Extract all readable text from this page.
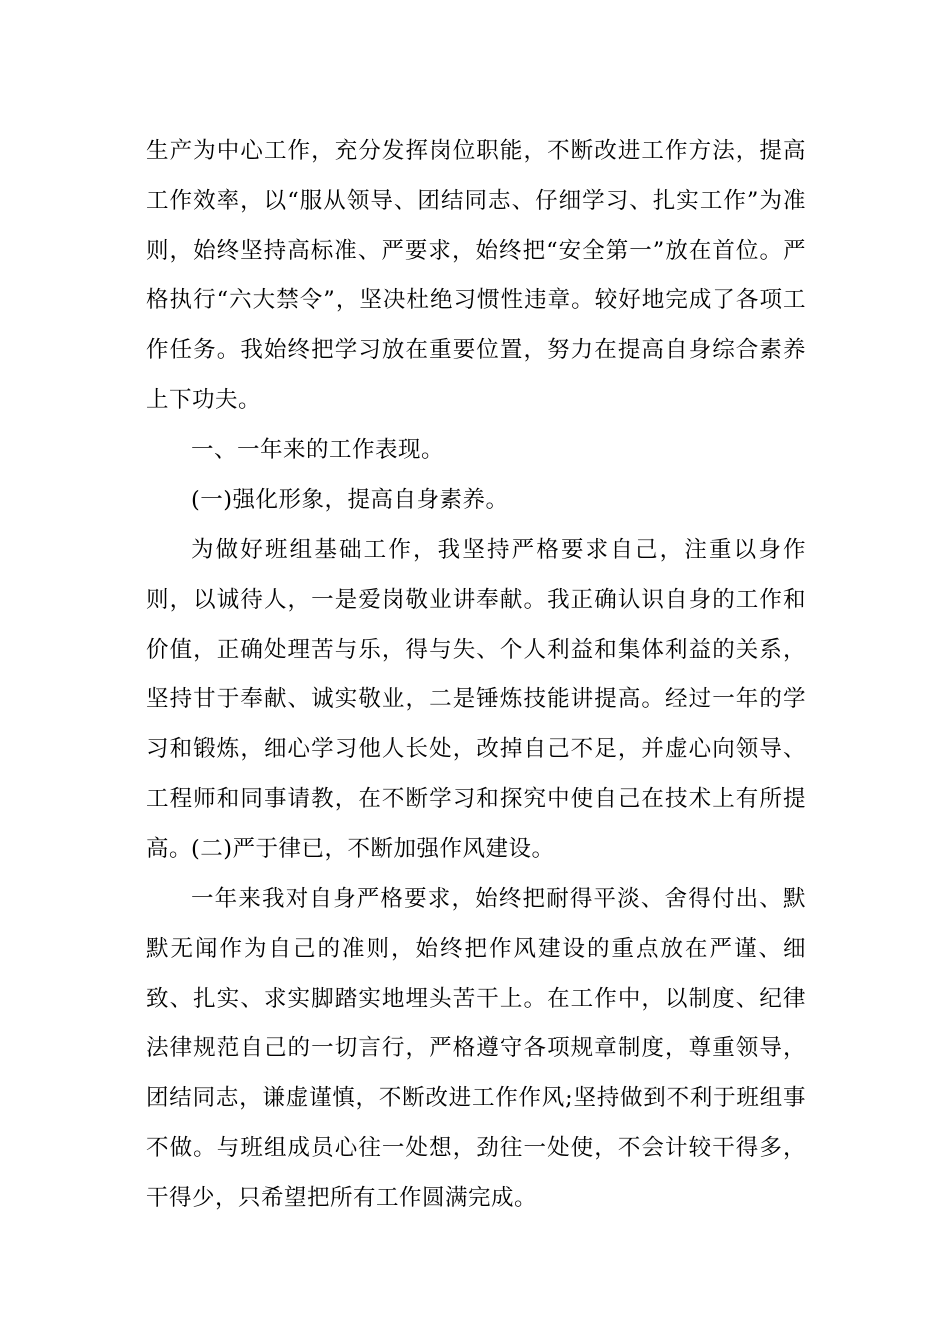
生产为中心工作，充分发挥岗位职能，不断改进工作方法，提高工作效率，以“服从领导、团结同志、仔细学习、扎实工作”为准则，始终坚持高标准、严要求，始终把“安全第一”放在首位。严格执行“六大禁令”，坚决杜绝习惯性违章。较好地完成了各项工作任务。我始终把学习放在重要位置，努力在提高自身综合素养上下功夫。

一、一年来的工作表现。

(一)强化形象，提高自身素养。

为做好班组基础工作，我坚持严格要求自己，注重以身作则，以诚待人，一是爱岗敬业讲奉献。我正确认识自身的工作和价值，正确处理苦与乐，得与失、个人利益和集体利益的关系，坚持甘于奉献、诚实敬业，二是锤炼技能讲提高。经过一年的学习和锻炼，细心学习他人长处，改掉自己不足，并虚心向领导、工程师和同事请教，在不断学习和探究中使自己在技术上有所提高。

(二)严于律已，不断加强作风建设。

一年来我对自身严格要求，始终把耐得平淡、舍得付出、默默无闻作为自己的准则，始终把作风建设的重点放在严谨、细致、扎实、求实脚踏实地埋头苦干上。在工作中，以制度、纪律法律规范自己的一切言行，严格遵守各项规章制度，尊重领导，团结同志，谦虚谨慎，不断改进工作作风;坚持做到不利于班组事不做。与班组成员心往一处想，劲往一处使，不会计较干得多，干得少，只希望把所有工作圆满完成。
